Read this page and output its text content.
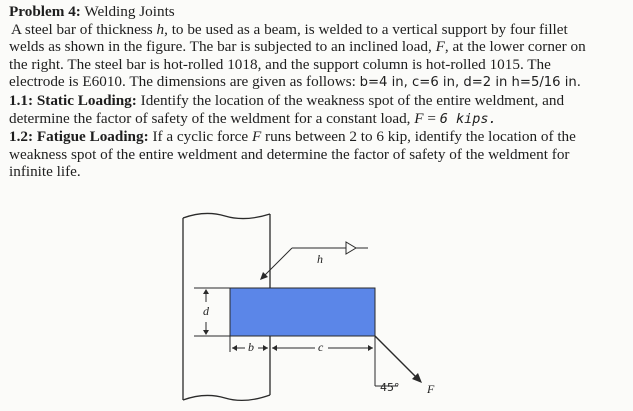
Problem 4: Welding Joints
A steel bar of thickness h, to be used as a beam, is welded to a vertical support by four fillet
welds as shown in the figure. The bar is subjected to an inclined load, F, at the lower corner on
the right. The steel bar is hot-rolled 1018, and the support column is hot-rolled 1015. The
electrode is E6010. The dimensions are given as follows: b=4 in, c=6 in, d=2 in h=5/16 in.
1.1: Static Loading: Identify the location of the weakness spot of the entire weldment, and
determine the factor of safety of the weldment for a constant load, F = 6 kips.
1.2: Fatigue Loading: If a cyclic force F runs between 2 to 6 kip, identify the location of the
weakness spot of the entire weldment and determine the factor of safety of the weldment for
infinite life.
h
d
b	c
45° F
